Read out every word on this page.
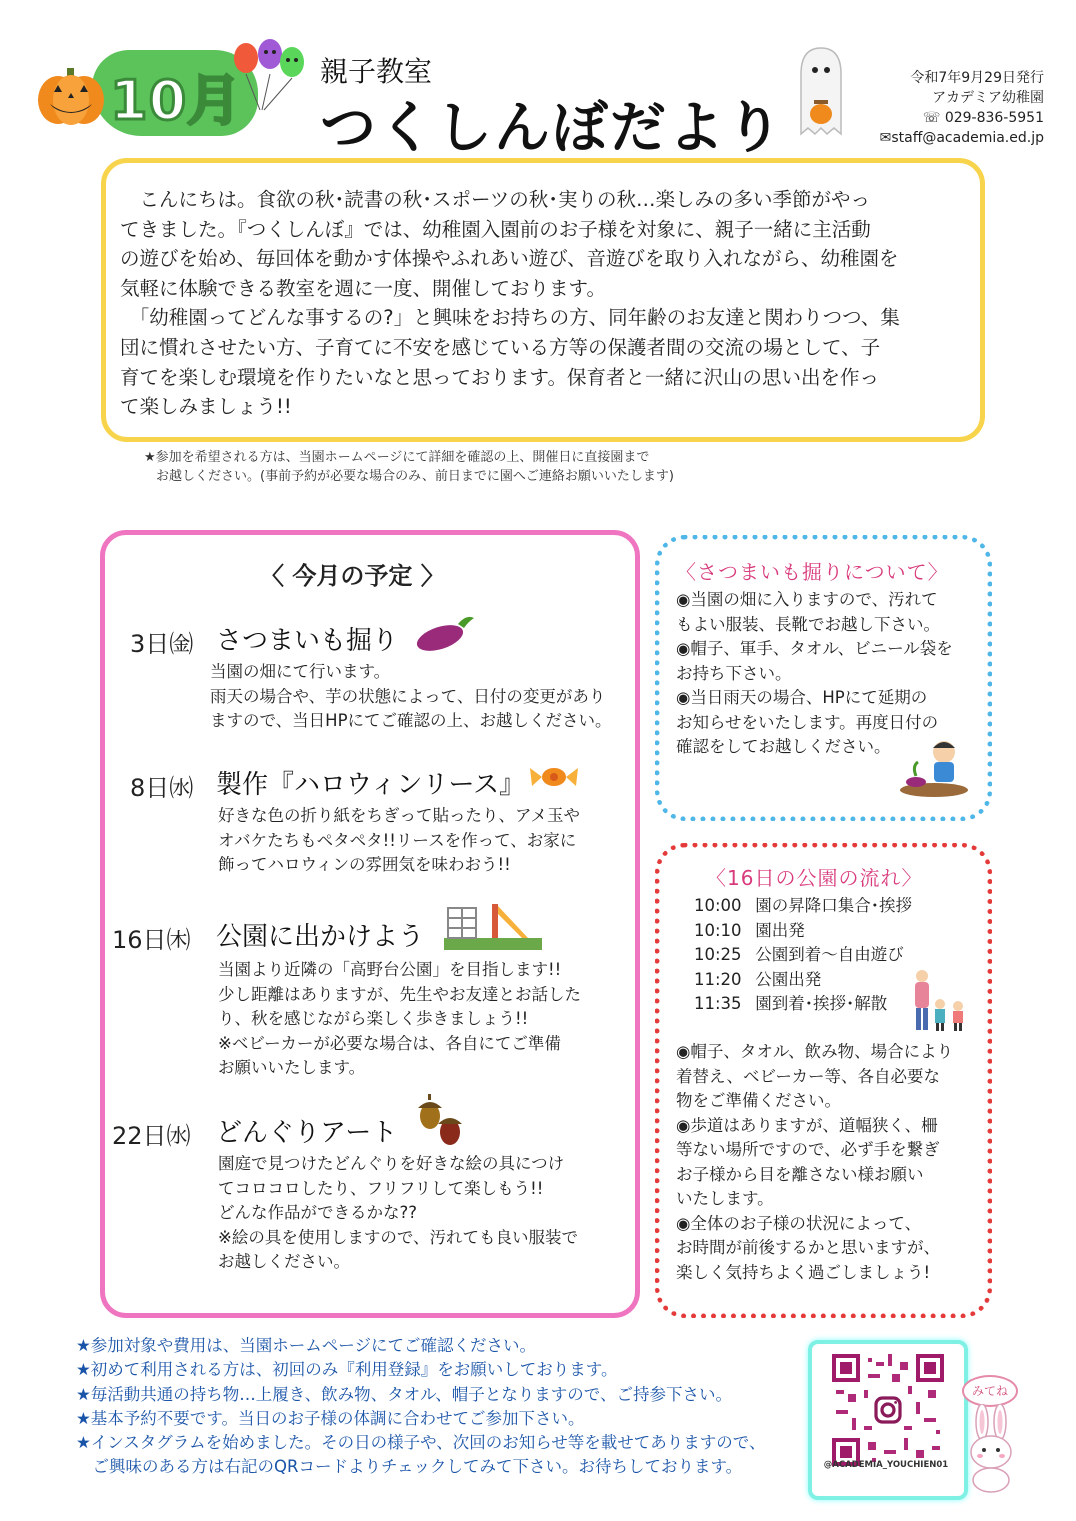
10月	親子教室
つくしんぼだより
令和7年9月29日発行
アカデミア幼稚園
☏ 029-836-5951
✉staff@academia.ed.jp

　こんにちは。食欲の秋･読書の秋･スポーツの秋･実りの秋…楽しみの多い季節がやっ

てきました。『つくしんぼ』では、幼稚園入園前のお子様を対象に、親子一緒に主活動

の遊びを始め、毎回体を動かす体操やふれあい遊び、音遊びを取り入れながら、幼稚園を

気軽に体験できる教室を週に一度、開催しております。

　「幼稚園ってどんな事するの?」と興味をお持ちの方、同年齢のお友達と関わりつつ、集

団に慣れさせたい方、子育てに不安を感じている方等の保護者間の交流の場として、子

育てを楽しむ環境を作りたいなと思っております。保育者と一緒に沢山の思い出を作っ

て楽しみましょう!!

★参加を希望される方は、当園ホームページにて詳細を確認の上、開催日に直接園まで
お越しください。(事前予約が必要な場合のみ、前日までに園へご連絡お願いいたします)
〈 今月の予定 〉
3日㈮ さつまいも掘り
当園の畑にて行います。
雨天の場合や、芋の状態によって、日付の変更があり
ますので、当日HPにてご確認の上、お越しください。
8日㈬ 製作『ハロウィンリース』
好きな色の折り紙をちぎって貼ったり、アメ玉や
オバケたちもペタペタ!!リースを作って、お家に
飾ってハロウィンの雰囲気を味わおう!!
16日㈭ 公園に出かけよう
当園より近隣の「高野台公園」を目指します!!
少し距離はありますが、先生やお友達とお話した
り、秋を感じながら楽しく歩きましょう!!
※ベビーカーが必要な場合は、各自にてご準備
お願いいたします。
22日㈬ どんぐりアート
園庭で見つけたどんぐりを好きな絵の具につけ
てコロコロしたり、フリフリして楽しもう!!
どんな作品ができるかな??
※絵の具を使用しますので、汚れても良い服装で
お越しください。
〈さつまいも掘りについて〉
◉当園の畑に入りますので、汚れて
もよい服装、長靴でお越し下さい。
◉帽子、軍手、タオル、ビニール袋を
お持ち下さい。
◉当日雨天の場合、HPにて延期の
お知らせをいたします。再度日付の
確認をしてお越しください。
〈16日の公園の流れ〉
10:00 園の昇降口集合･挨拶
10:10 園出発
10:25 公園到着〜自由遊び
11:20 公園出発
11:35 園到着･挨拶･解散
◉帽子、タオル、飲み物、場合により
着替え、ベビーカー等、各自必要な
物をご準備ください。
◉歩道はありますが、道幅狭く、柵
等ない場所ですので、必ず手を繋ぎ
お子様から目を離さない様お願い
いたします。
◉全体のお子様の状況によって、
お時間が前後するかと思いますが、
楽しく気持ちよく過ごしましょう!
★参加対象や費用は、当園ホームページにてご確認ください。
★初めて利用される方は、初回のみ『利用登録』をお願いしております。
★毎活動共通の持ち物…上履き、飲み物、タオル、帽子となりますので、ご持参下さい。
★基本予約不要です。当日のお子様の体調に合わせてご参加下さい。
★インスタグラムを始めました。その日の様子や、次回のお知らせ等を載せてありますので、
　ご興味のある方は右記のQRコードよりチェックしてみて下さい。お待ちしております。	@ACADEMIA_YOUCHIEN01
みてね
